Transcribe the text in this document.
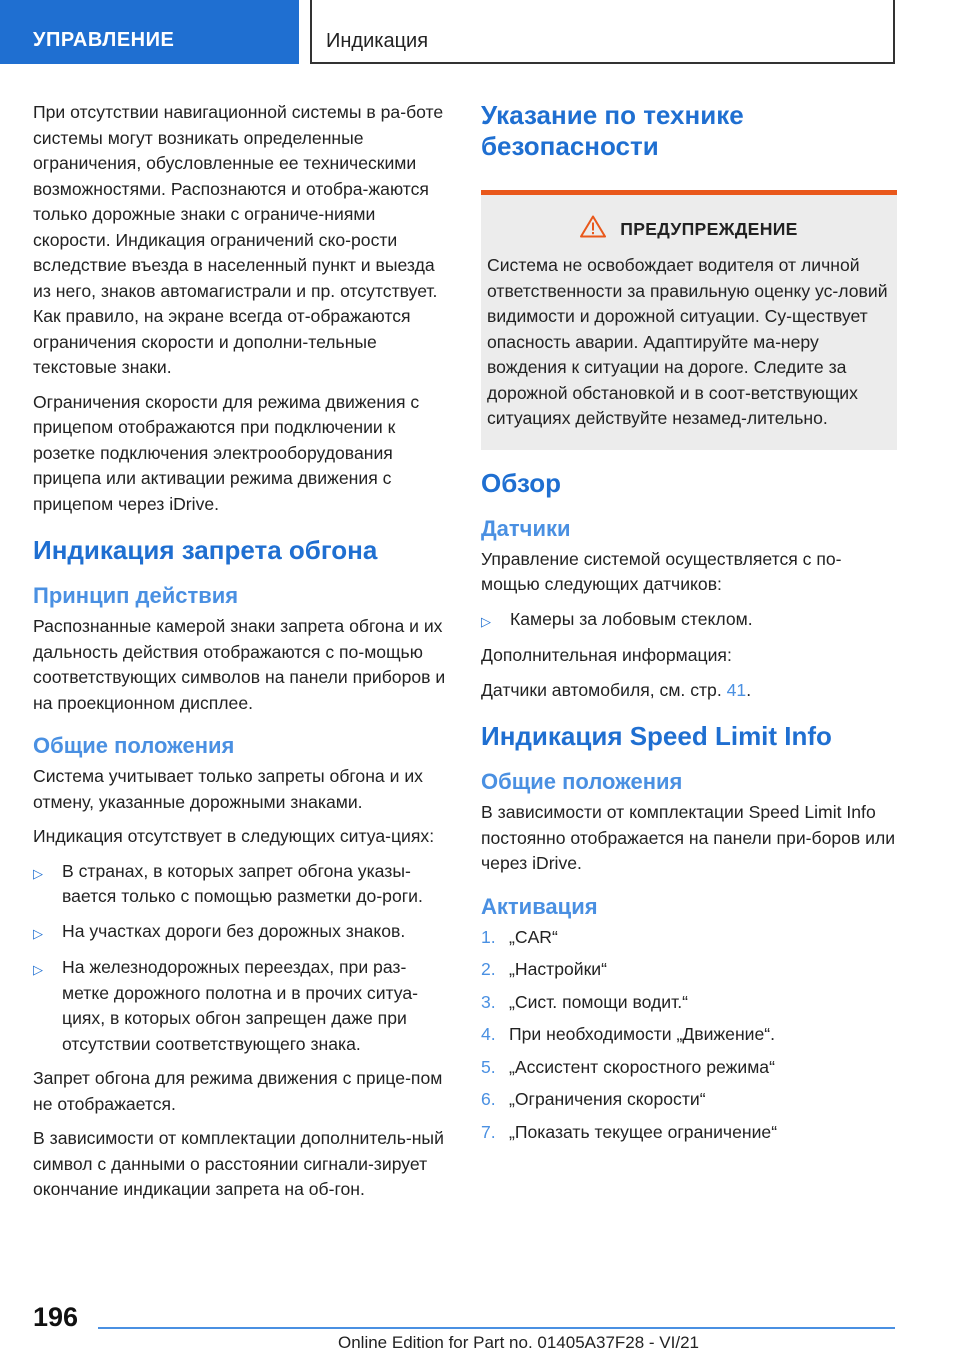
УПРАВЛЕНИЕ	Индикация
При отсутствии навигационной системы в ра-боте системы могут возникать определенные ограничения, обусловленные ее техническими возможностями. Распознаются и отобра-жаются только дорожные знаки с ограниче-ниями скорости. Индикация ограничений ско-рости вследствие въезда в населенный пункт и выезда из него, знаков автомагистрали и пр. отсутствует. Как правило, на экране всегда от-ображаются ограничения скорости и дополни-тельные текстовые знаки.
Ограничения скорости для режима движения с прицепом отображаются при подключении к розетке подключения электрооборудования прицепа или активации режима движения с прицепом через iDrive.
Индикация запрета обгона
Принцип действия
Распознанные камерой знаки запрета обгона и их дальность действия отображаются с по-мощью соответствующих символов на панели приборов и на проекционном дисплее.
Общие положения
Система учитывает только запреты обгона и их отмену, указанные дорожными знаками.
Индикация отсутствует в следующих ситуа-циях:
▷	В странах, в которых запрет обгона указы-вается только с помощью разметки до-роги.
▷	На участках дороги без дорожных знаков.
▷	На железнодорожных переездах, при раз-метке дорожного полотна и в прочих ситуа-циях, в которых обгон запрещен даже при отсутствии соответствующего знака.
Запрет обгона для режима движения с прице-пом не отображается.
В зависимости от комплектации дополнитель-ный символ с данными о расстоянии сигнали-зирует окончание индикации запрета на об-гон.
Указание по технике безопасности
ПРЕДУПРЕЖДЕНИЕ
Система не освобождает водителя от личной ответственности за правильную оценку ус-ловий видимости и дорожной ситуации. Су-ществует опасность аварии. Адаптируйте ма-неру вождения к ситуации на дороге. Следите за дорожной обстановкой и в соот-ветствующих ситуациях действуйте незамед-лительно.
Обзор
Датчики
Управление системой осуществляется с по-мощью следующих датчиков:
▷	Камеры за лобовым стеклом.
Дополнительная информация:
Датчики автомобиля, см. стр. 41.
Индикация Speed Limit Info
Общие положения
В зависимости от комплектации Speed Limit Info постоянно отображается на панели при-боров или через iDrive.
Активация
1. „CAR“
2. „Настройки“
3. „Сист. помощи водит.“
4. При необходимости „Движение“.
5. „Ассистент скоростного режима“
6. „Ограничения скорости“
7. „Показать текущее ограничение“
196
Online Edition for Part no. 01405A37F28 - VI/21
